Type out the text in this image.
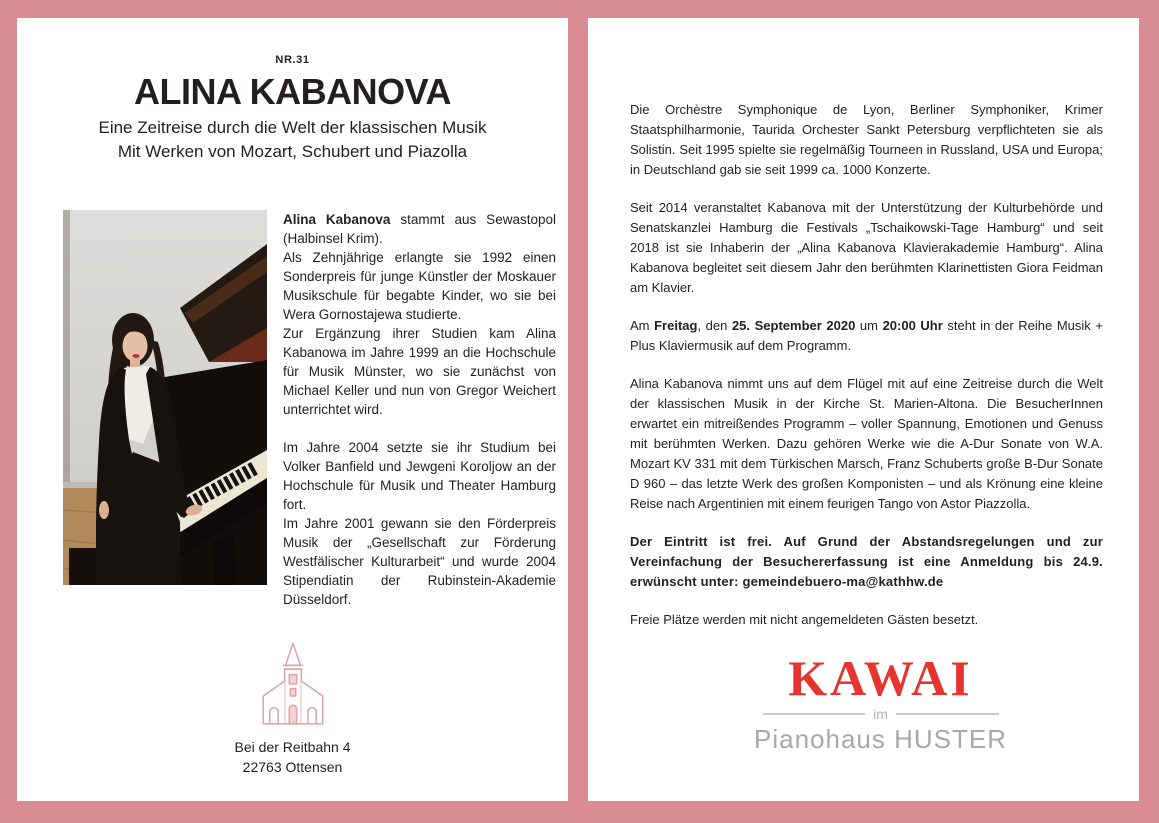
NR.31
ALINA KABANOVA
Eine Zeitreise durch die Welt der klassischen Musik
Mit Werken von Mozart, Schubert und Piazolla

Alina Kabanova stammt aus Sewastopol (Halbinsel Krim).

Als Zehnjährige erlangte sie 1992 einen Sonderpreis für junge Künstler der Moskauer Musikschule für begabte Kinder, wo sie bei Wera Gornostajewa studierte.

Zur Ergänzung ihrer Studien kam Alina Kabanowa im Jahre 1999 an die Hochschule für Musik Münster, wo sie zunächst von Michael Keller und nun von Gregor Weichert unterrichtet wird.

Im Jahre 2004 setzte sie ihr Studium bei Volker Banfield und Jewgeni Koroljow an der Hochschule für Musik und Theater Hamburg fort.

Im Jahre 2001 gewann sie den Förderpreis Musik der „Gesellschaft zur Förderung Westfälischer Kulturarbeit“ und wurde 2004 Stipendiatin der Rubinstein-Akademie Düsseldorf.

Bei der Reitbahn 4
22763 Ottensen

Die Orchèstre Symphonique de Lyon, Berliner Symphoniker, Krimer Staatsphilharmonie, Taurida Orchester Sankt Petersburg verpflichteten sie als Solistin. Seit 1995 spielte sie regelmäßig Tourneen in Russland, USA und Europa; in Deutschland gab sie seit 1999 ca. 1000 Konzerte.

Seit 2014 veranstaltet Kabanova mit der Unterstützung der Kulturbehörde und Senatskanzlei Hamburg die Festivals „Tschaikowski-Tage Hamburg“ und seit 2018 ist sie Inhaberin der „Alina Kabanova Klavierakademie Hamburg“. Alina Kabanova begleitet seit diesem Jahr den berühmten Klarinettisten Giora Feidman am Klavier.

Am Freitag, den 25. September 2020 um 20:00 Uhr steht in der Reihe Musik + Plus Klaviermusik auf dem Programm.

Alina Kabanova nimmt uns auf dem Flügel mit auf eine Zeitreise durch die Welt der klassischen Musik in der Kirche St. Marien-Altona. Die BesucherInnen erwartet ein mitreißendes Programm – voller Spannung, Emotionen und Genuss mit berühmten Werken. Dazu gehören Werke wie die A-Dur Sonate von W.A. Mozart KV 331 mit dem Türkischen Marsch, Franz Schuberts große B-Dur Sonate D 960 – das letzte Werk des großen Komponisten – und als Krönung eine kleine Reise nach Argentinien mit einem feurigen Tango von Astor Piazzolla.

Der Eintritt ist frei. Auf Grund der Abstandsregelungen und zur Vereinfachung der Besuchererfassung ist eine Anmeldung bis 24.9. erwünscht unter: gemeindebuero-ma@kathhw.de

Freie Plätze werden mit nicht angemeldeten Gästen besetzt.

KAWAI
im
Pianohaus HUSTER
